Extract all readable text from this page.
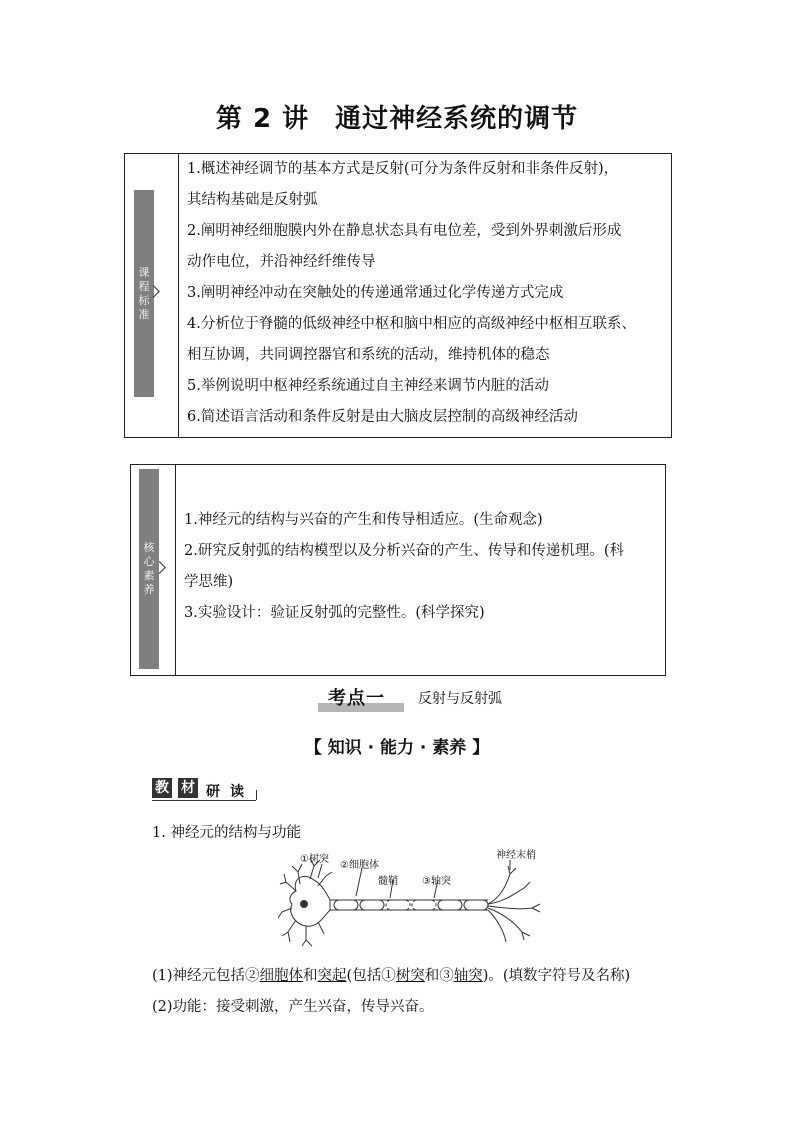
第 2 讲 通过神经系统的调节
课
程
标
准
1.概述神经调节的基本方式是反射(可分为条件反射和非条件反射)，
其结构基础是反射弧
2.阐明神经细胞膜内外在静息状态具有电位差，受到外界刺激后形成
动作电位，并沿神经纤维传导
3.阐明神经冲动在突触处的传递通常通过化学传递方式完成
4.分析位于脊髓的低级神经中枢和脑中相应的高级神经中枢相互联系、
相互协调，共同调控器官和系统的活动，维持机体的稳态
5.举例说明中枢神经系统通过自主神经来调节内脏的活动
6.简述语言活动和条件反射是由大脑皮层控制的高级神经活动
核
心
素
养
1.神经元的结构与兴奋的产生和传导相适应。(生命观念)
2.研究反射弧的结构模型以及分析兴奋的产生、传导和传递机理。(科
学思维)
3.实验设计：验证反射弧的完整性。(科学探究)
考点一 反射与反射弧
【 知识 · 能力 · 素养 】
教 材 研 读
1. 神经元的结构与功能
①树突
②细胞体
髓鞘 ③轴突
神经末梢
(1)神经元包括②细胞体和突起(包括①树突和③轴突)。(填数字符号及名称)
(2)功能：接受刺激，产生兴奋，传导兴奋。
